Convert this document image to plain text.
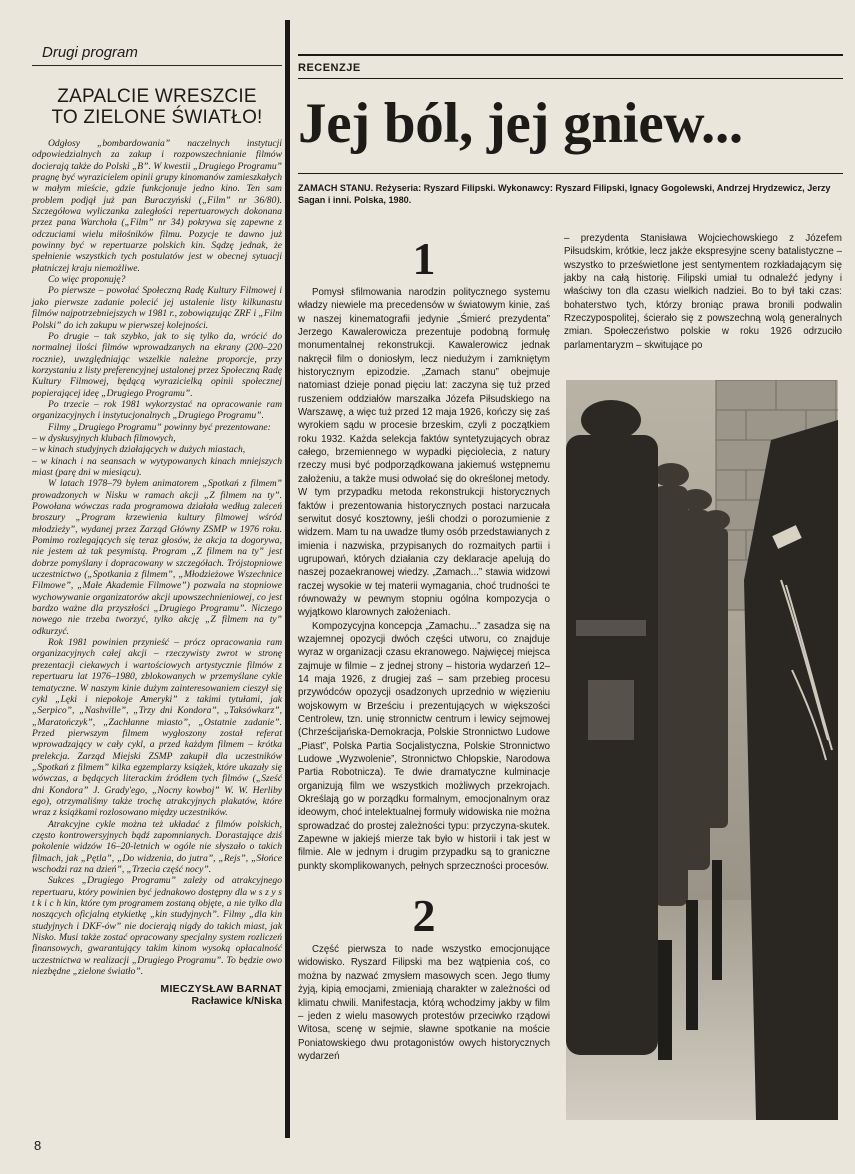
Drugi program
ZAPALCIE WRESZCIE
TO ZIELONE ŚWIATŁO!

Odgłosy „bombardowania” naczelnych instytucji odpowiedzialnych za zakup i rozpowszechnianie filmów docierają także do Polski „B”. W kwestii „Drugiego Programu” pragnę być wyrazicielem opinii grupy kinomanów zamieszkałych w małym mieście, gdzie funkcjonuje jedno kino. Ten sam problem podjął już pan Buraczyński („Film” nr 36/80). Szczegółowa wyliczanka zaległości repertuarowych dokonana przez pana Warchoła („Film” nr 34) pokrywa się zapewne z odczuciami wielu miłośników filmu. Pozycje te dawno już powinny być w repertuarze polskich kin. Sądzę jednak, że spełnienie wszystkich tych postulatów jest w obecnej sytuacji płatniczej kraju niemożliwe.

Co więc proponuję?

Po pierwsze – powołać Społeczną Radę Kultury Filmowej i jako pierwsze zadanie polecić jej ustalenie listy kilkunastu filmów najpotrzebniejszych w 1981 r., zobowiązując ZRF i „Film Polski” do ich zakupu w pierwszej kolejności.

Po drugie – tak szybko, jak to się tylko da, wrócić do normalnej ilości filmów wprowadzanych na ekrany (200–220 rocznie), uwzględniając wszelkie należne proporcje, przy korzystaniu z listy preferencyjnej ustalonej przez Społeczną Radę Kultury Filmowej, będącą wyrazicielką opinii społecznej popierającej ideę „Drugiego Programu”.

Po trzecie – rok 1981 wykorzystać na opracowanie ram organizacyjnych i instytucjonalnych „Drugiego Programu”.

Filmy „Drugiego Programu” powinny być prezentowane:

– w dyskusyjnych klubach filmowych,

– w kinach studyjnych działających w dużych miastach,

– w kinach i na seansach w wytypowanych kinach mniejszych miast (parę dni w miesiącu).

W latach 1978–79 byłem animatorem „Spotkań z filmem” prowadzonych w Nisku w ramach akcji „Z filmem na ty”. Powołana wówczas rada programowa działała według zaleceń broszury „Program krzewienia kultury filmowej wśród młodzieży”, wydanej przez Zarząd Główny ZSMP w 1976 roku. Pomimo rozlegających się teraz głosów, że akcja ta dogorywa, nie jestem aż tak pesymistą. Program „Z filmem na ty” jest dobrze pomyślany i dopracowany w szczegółach. Trójstopniowe uczestnictwo („Spotkania z filmem”, „Młodzieżowe Wszechnice Filmowe”, „Małe Akademie Filmowe”) pozwala na stopniowe wychowywanie organizatorów akcji upowszechnieniowej, co jest bardzo ważne dla przyszłości „Drugiego Programu”. Niczego nowego nie trzeba tworzyć, tylko akcję „Z filmem na ty” odkurzyć.

Rok 1981 powinien przynieść – prócz opracowania ram organizacyjnych całej akcji – rzeczywisty zwrot w stronę prezentacji ciekawych i wartościowych artystycznie filmów z repertuaru lat 1976–1980, zblokowanych w przemyślane cykle tematyczne. W naszym kinie dużym zainteresowaniem cieszył się cykl „Lęki i niepokoje Ameryki” z takimi tytułami, jak „Serpico”, „Nashville”, „Trzy dni Kondora”, „Taksówkarz”, „Maratończyk”, „Zachłanne miasto”, „Ostatnie zadanie”. Przed pierwszym filmem wygłoszony został referat wprowadzający w cały cykl, a przed każdym filmem – krótka prelekcja. Zarząd Miejski ZSMP zakupił dla uczestników „Spotkań z filmem” kilka egzemplarzy książek, które ukazały się wówczas, a będących literackim źródłem tych filmów („Sześć dni Kondora” J. Grady'ego, „Nocny kowboj” W. W. Herliby ego), otrzymaliśmy także trochę atrakcyjnych plakatów, które wraz z książkami rozlosowano między uczestników.

Atrakcyjne cykle można też układać z filmów polskich, często kontrowersyjnych bądź zapomnianych. Dorastające dziś pokolenie widzów 16–20-letnich w ogóle nie słyszało o takich filmach, jak „Pętla”, „Do widzenia, do jutra”, „Rejs”, „Słońce wschodzi raz na dzień”, „Trzecia część nocy”.

Sukces „Drugiego Programu” zależy od atrakcyjnego repertuaru, który powinien być jednakowo dostępny dla w s z y s t k i c h kin, które tym programem zostaną objęte, a nie tylko dla noszących oficjalną etykietkę „kin studyjnych”. Filmy „dla kin studyjnych i DKF-ów” nie docierają nigdy do takich miast, jak Nisko. Musi także zostać opracowany specjalny system rozliczeń finansowych, gwarantujący takim kinom wysoką opłacalność uczestnictwa w realizacji „Drugiego Programu”. To będzie owo niezbędne „zielone światło”.

MIECZYSŁAW BARNAT
Racławice k/Niska
8
RECENZJE
Jej ból, jej gniew...
ZAMACH STANU. Reżyseria: Ryszard Filipski. Wykonawcy: Ryszard Filipski, Ignacy Gogolewski, Andrzej Hrydzewicz, Jerzy Sagan i inni. Polska, 1980.
1

Pomysł sfilmowania narodzin politycznego systemu władzy niewiele ma precedensów w światowym kinie, zaś w naszej kinematografii jedynie „Śmierć prezydenta” Jerzego Kawalerowicza prezentuje podobną formułę monumentalnej rekonstrukcji. Kawalerowicz jednak nakręcił film o doniosłym, lecz niedużym i zamkniętym historycznym epizodzie. „Zamach stanu” obejmuje natomiast dzieje ponad pięciu lat: zaczyna się tuż przed ruszeniem oddziałów marszałka Józefa Piłsudskiego na Warszawę, a więc tuż przed 12 maja 1926, kończy się zaś wyrokiem sądu w procesie brzeskim, czyli z początkiem roku 1932. Każda selekcja faktów syntetyzujących obraz całego, brzemiennego w wypadki pięciolecia, z natury rzeczy musi być podporządkowana jakiemuś wstępnemu założeniu, a także musi odwołać się do określonej metody. W tym przypadku metoda rekonstrukcji historycznych faktów i prezentowania historycznych postaci narzucała serwitut dosyć kosztowny, jeśli chodzi o porozumienie z widzem. Mam tu na uwadze tłumy osób przedstawianych z imienia i nazwiska, przypisanych do rozmaitych partii i ugrupowań, których działania czy deklaracje apelują do naszej pozaekranowej wiedzy. „Zamach...” stawia widzowi raczej wysokie w tej materii wymagania, choć trudności te równoważy w pewnym stopniu ogólna kompozycja o wyjątkowo klarownych założeniach.

Kompozycyjna koncepcja „Zamachu...” zasadza się na wzajemnej opozycji dwóch części utworu, co znajduje wyraz w organizacji czasu ekranowego. Najwięcej miejsca zajmuje w filmie – z jednej strony – historia wydarzeń 12–14 maja 1926, z drugiej zaś – sam przebieg procesu przywódców opozycji osadzonych uprzednio w więzieniu wojskowym w Brześciu i prezentujących w większości Centrolew, tzn. unię stronnictw centrum i lewicy sejmowej (Chrześcijańska-Demokracja, Polskie Stronnictwo Ludowe „Piast”, Polska Partia Socjalistyczna, Polskie Stronnictwo Ludowe „Wyzwolenie”, Stronnictwo Chłopskie, Narodowa Partia Robotnicza). Te dwie dramatyczne kulminacje organizują film we wszystkich możliwych przekrojach. Określają go w porządku formalnym, emocjonalnym oraz ideowym, choć intelektualnej formuły widowiska nie można sprowadzać do prostej zależności typu: przyczyna-skutek. Zapewne w jakiejś mierze tak było w historii i tak jest w filmie. Ale w jednym i drugim przypadku są to graniczne punkty skomplikowanych, pełnych sprzeczności procesów.

2

Część pierwsza to nade wszystko emocjonujące widowisko. Ryszard Filipski ma bez wątpienia coś, co można by nazwać zmysłem masowych scen. Jego tłumy żyją, kipią emocjami, zmieniają charakter w zależności od klimatu chwili. Manifestacja, którą wchodzimy jakby w film – jeden z wielu masowych protestów przeciwko rządowi Witosa, scenę w sejmie, sławne spotkanie na moście Poniatowskiego dwu protagonistów owych historycznych wydarzeń

– prezydenta Stanisława Wojciechowskiego z Józefem Piłsudskim, krótkie, lecz jakże ekspresyjne sceny batalistyczne – wszystko to prześwietlone jest sentymentem rozkładającym się jakby na całą historię. Filipski umiał tu odnaleźć jedyny i właściwy ton dla czasu wielkich nadziei. Bo to był taki czas: bohaterstwo tych, którzy broniąc prawa bronili podwalin Rzeczypospolitej, ścierało się z powszechną wolą generalnych zmian. Społeczeństwo polskie w roku 1926 odrzuciło parlamentaryzm – skwitujące po
